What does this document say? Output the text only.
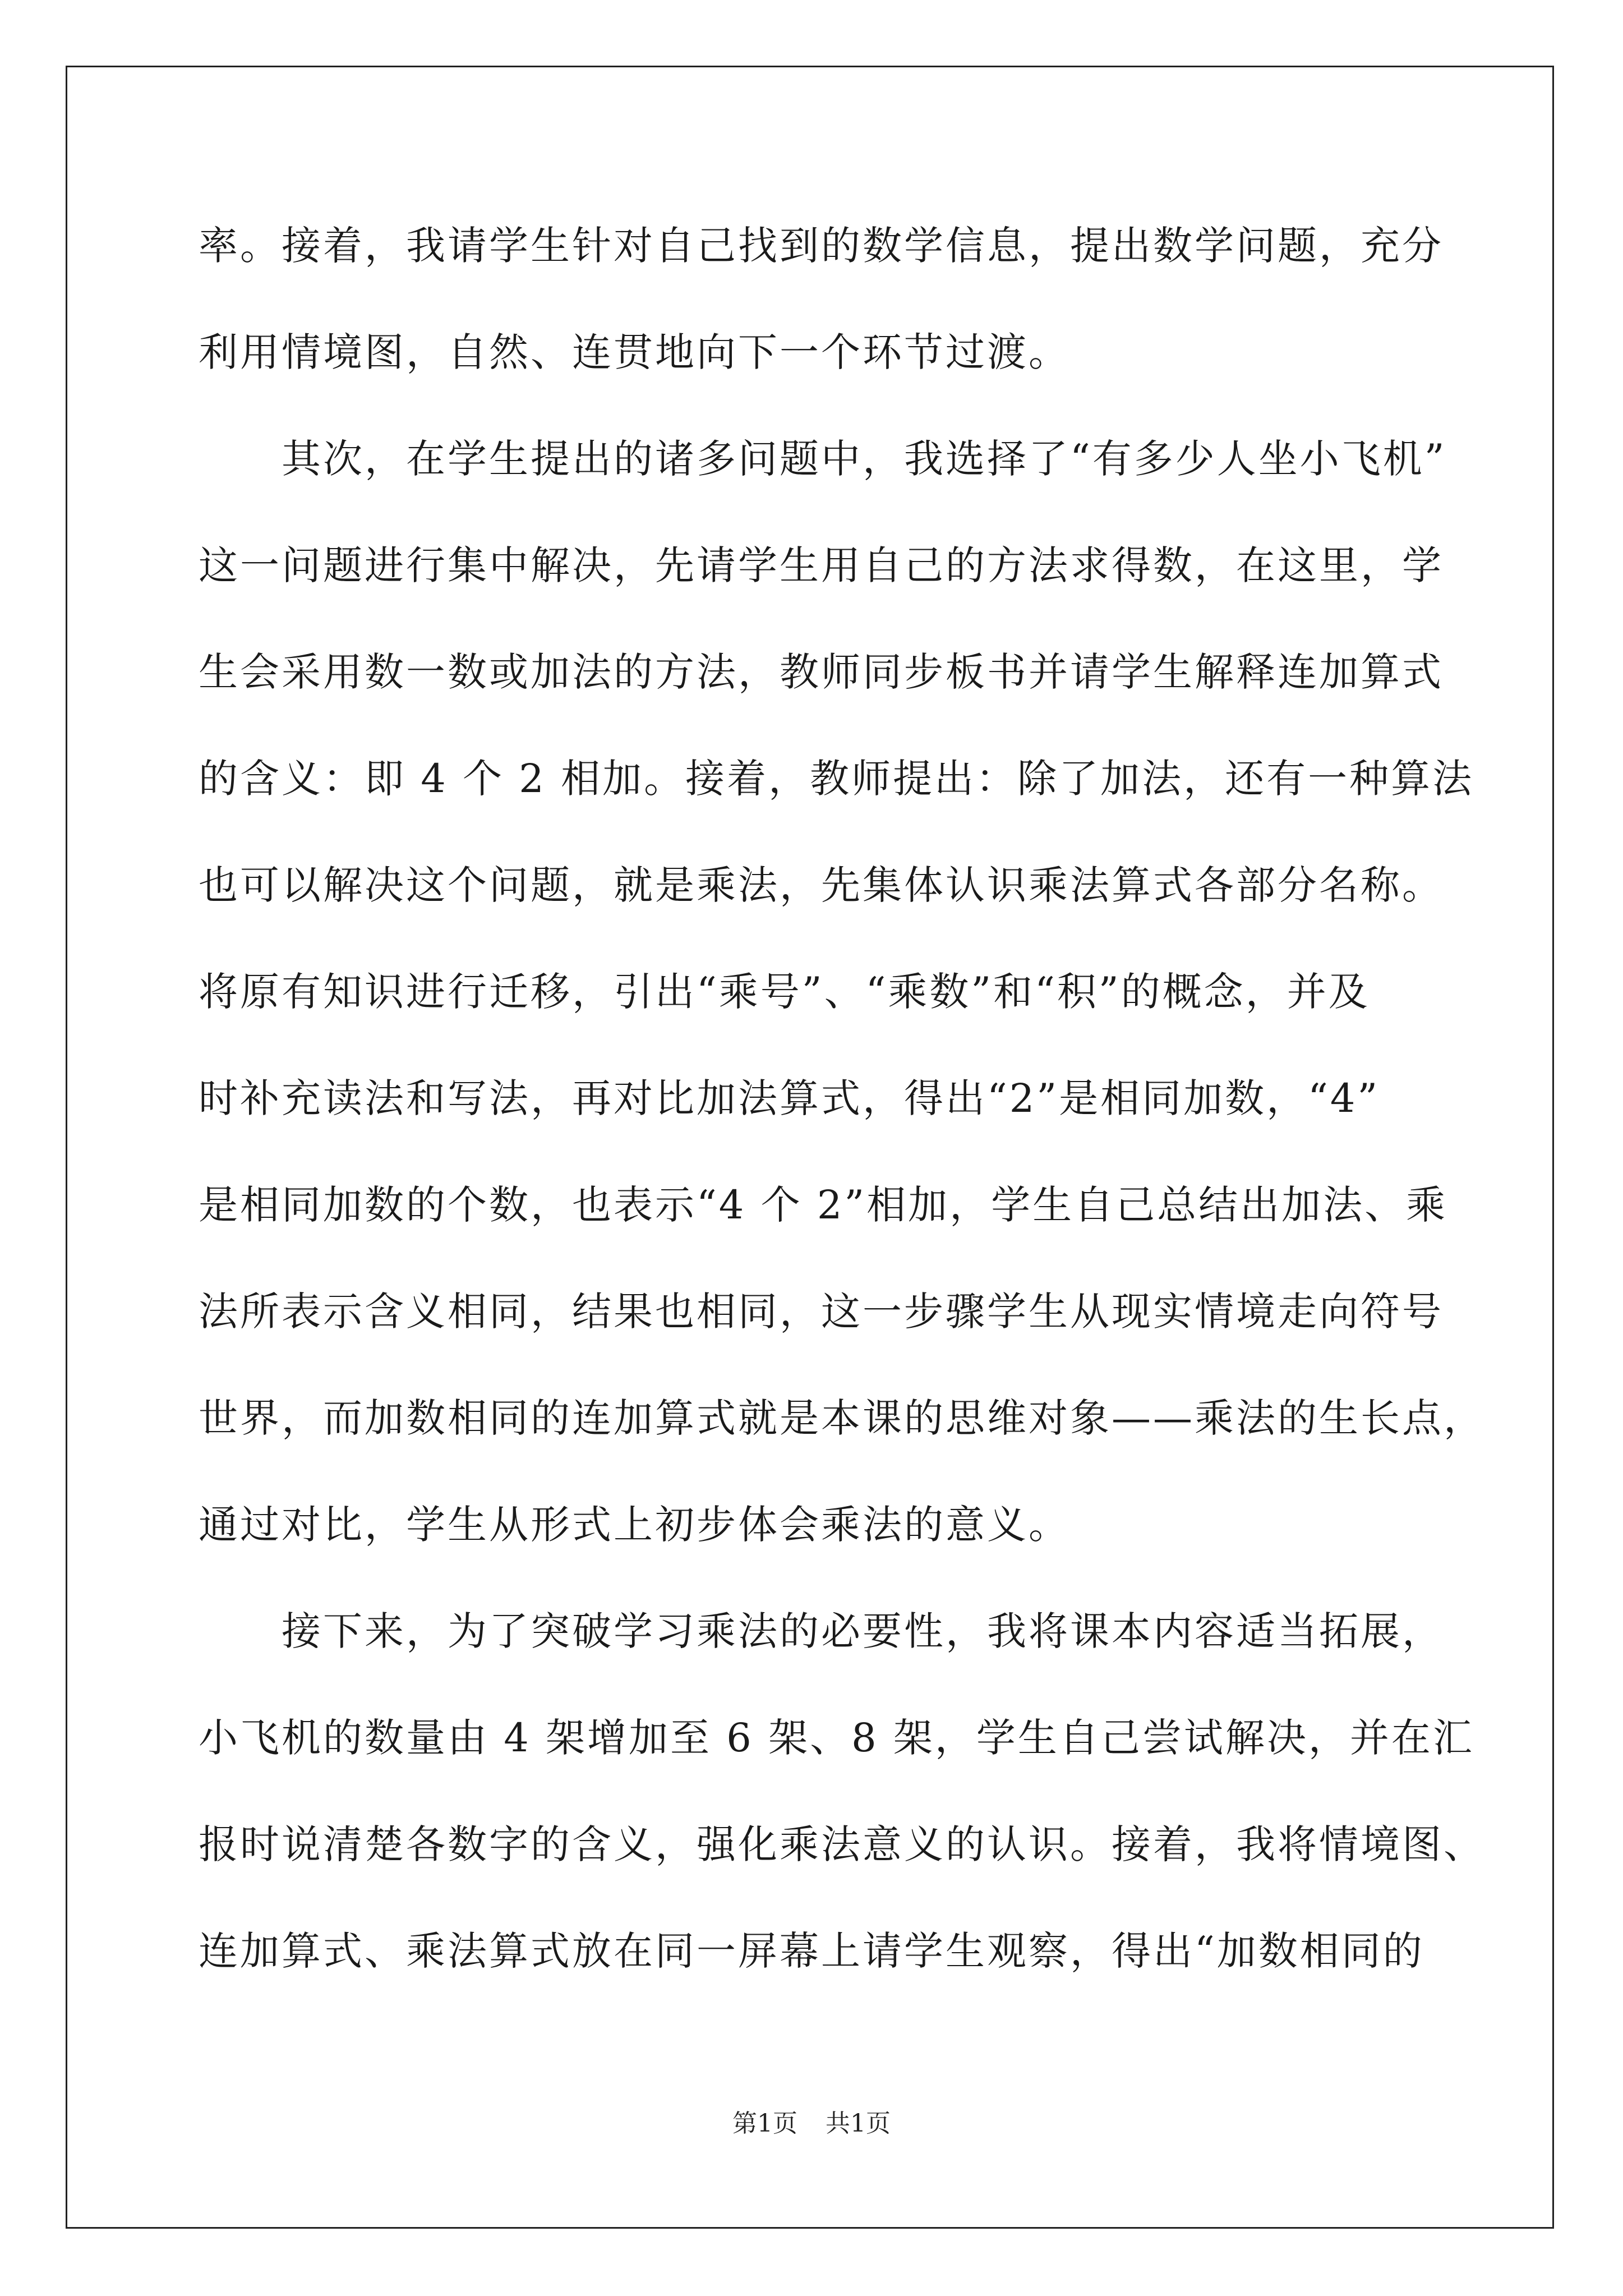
率。接着，我请学生针对自己找到的数学信息，提出数学问题，充分
利用情境图，自然、连贯地向下一个环节过渡。
其次，在学生提出的诸多问题中，我选择了“有多少人坐小飞机”
这一问题进行集中解决，先请学生用自己的方法求得数，在这里，学
生会采用数一数或加法的方法，教师同步板书并请学生解释连加算式
的含义：即 4 个 2 相加。接着，教师提出：除了加法，还有一种算法
也可以解决这个问题，就是乘法，先集体认识乘法算式各部分名称。
将原有知识进行迁移，引出“乘号”、“乘数”和“积”的概念，并及
时补充读法和写法，再对比加法算式，得出“2”是相同加数，“4”
是相同加数的个数，也表示“4 个 2”相加，学生自己总结出加法、乘
法所表示含义相同，结果也相同，这一步骤学生从现实情境走向符号
世界，而加数相同的连加算式就是本课的思维对象——乘法的生长点，
通过对比，学生从形式上初步体会乘法的意义。
接下来，为了突破学习乘法的必要性，我将课本内容适当拓展，
小飞机的数量由 4 架增加至 6 架、8 架，学生自己尝试解决，并在汇
报时说清楚各数字的含义，强化乘法意义的认识。接着，我将情境图、
连加算式、乘法算式放在同一屏幕上请学生观察，得出“加数相同的
第1页 共1页
